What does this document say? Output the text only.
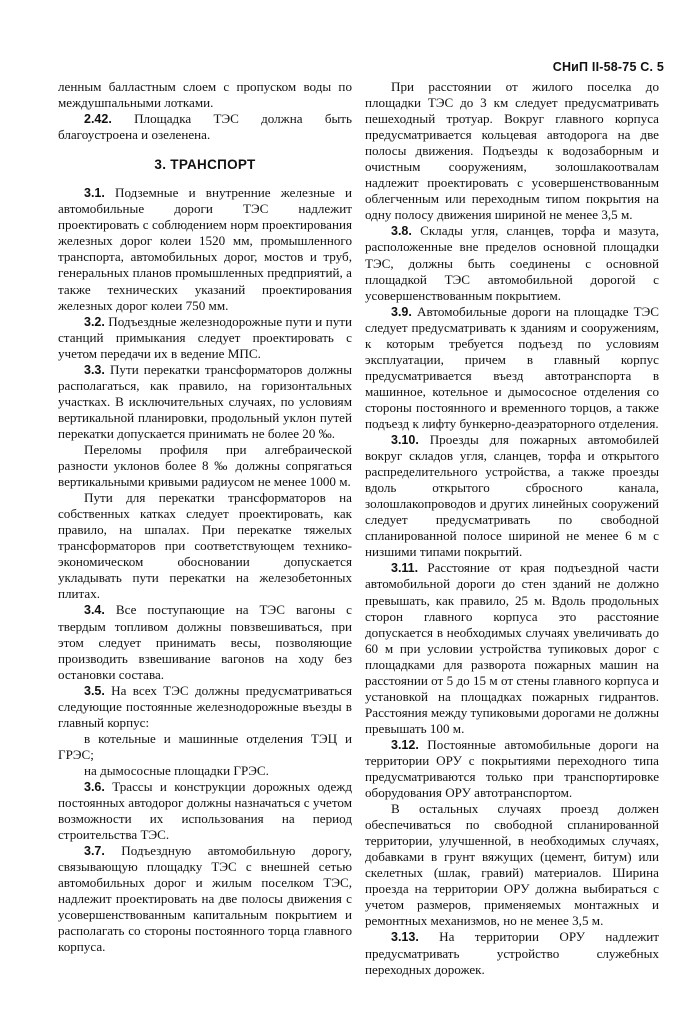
СНиП II-58-75 С. 5

ленным балластным слоем с пропуском воды по междушпальными лотками.

2.42. Площадка ТЭС должна быть благоустроена и озеленена.

3. ТРАНСПОРТ

3.1. Подземные и внутренние железные и автомобильные дороги ТЭС надлежит проектировать с соблюдением норм проектирования железных дорог колеи 1520 мм, промышленного транспорта, автомобильных дорог, мостов и труб, генеральных планов промышленных предприятий, а также технических указаний проектирования железных дорог колеи 750 мм.

3.2. Подъездные железнодорожные пути и пути станций примыкания следует проектировать с учетом передачи их в ведение МПС.

3.3. Пути перекатки трансформаторов должны располагаться, как правило, на горизонтальных участках. В исключительных случаях, по условиям вертикальной планировки, продольный уклон путей перекатки допускается принимать не более 20 ‰.

Переломы профиля при алгебраической разности уклонов более 8 ‰ должны сопрягаться вертикальными кривыми радиусом не менее 1000 м.

Пути для перекатки трансформаторов на собственных катках следует проектировать, как правило, на шпалах. При перекатке тяжелых трансформаторов при соответствующем технико-экономическом обосновании допускается укладывать пути перекатки на железобетонных плитах.

3.4. Все поступающие на ТЭС вагоны с твердым топливом должны повзвешиваться, при этом следует принимать весы, позволяющие производить взвешивание вагонов на ходу без остановки состава.

3.5. На всех ТЭС должны предусматриваться следующие постоянные железнодорожные въезды в главный корпус:

в котельные и машинные отделения ТЭЦ и ГРЭС;

на дымососные площадки ГРЭС.

3.6. Трассы и конструкции дорожных одежд постоянных автодорог должны назначаться с учетом возможности их использования на период строительства ТЭС.

3.7. Подъездную автомобильную дорогу, связывающую площадку ТЭС с внешней сетью автомобильных дорог и жилым поселком ТЭС, надлежит проектировать на две полосы движения с усовершенствованным капитальным покрытием и располагать со стороны постоянного торца главного корпуса.

При расстоянии от жилого поселка до площадки ТЭС до 3 км следует предусматривать пешеходный тротуар. Вокруг главного корпуса предусматривается кольцевая автодорога на две полосы движения. Подъезды к водозаборным и очистным сооружениям, золошлакоотвалам надлежит проектировать с усовершенствованным облегченным или переходным типом покрытия на одну полосу движения шириной не менее 3,5 м.

3.8. Склады угля, сланцев, торфа и мазута, расположенные вне пределов основной площадки ТЭС, должны быть соединены с основной площадкой ТЭС автомобильной дорогой с усовершенствованным покрытием.

3.9. Автомобильные дороги на площадке ТЭС следует предусматривать к зданиям и сооружениям, к которым требуется подъезд по условиям эксплуатации, причем в главный корпус предусматривается въезд автотранспорта в машинное, котельное и дымососное отделения со стороны постоянного и временного торцов, а также подъезд к лифту бункерно-деаэраторного отделения.

3.10. Проезды для пожарных автомобилей вокруг складов угля, сланцев, торфа и открытого распределительного устройства, а также проезды вдоль открытого сбросного канала, золошлакопроводов и других линейных сооружений следует предусматривать по свободной спланированной полосе шириной не менее 6 м с низшими типами покрытий.

3.11. Расстояние от края подъездной части автомобильной дороги до стен зданий не должно превышать, как правило, 25 м. Вдоль продольных сторон главного корпуса это расстояние допускается в необходимых случаях увеличивать до 60 м при условии устройства тупиковых дорог с площадками для разворота пожарных машин на расстоянии от 5 до 15 м от стены главного корпуса и установкой на площадках пожарных гидрантов. Расстояния между тупиковыми дорогами не должны превышать 100 м.

3.12. Постоянные автомобильные дороги на территории ОРУ с покрытиями переходного типа предусматриваются только при транспортировке оборудования ОРУ автотранспортом.

В остальных случаях проезд должен обеспечиваться по свободной спланированной территории, улучшенной, в необходимых случаях, добавками в грунт вяжущих (цемент, битум) или скелетных (шлак, гравий) материалов. Ширина проезда на территории ОРУ должна выбираться с учетом размеров, применяемых монтажных и ремонтных механизмов, но не менее 3,5 м.

3.13. На территории ОРУ надлежит предусматривать устройство служебных переходных дорожек.
